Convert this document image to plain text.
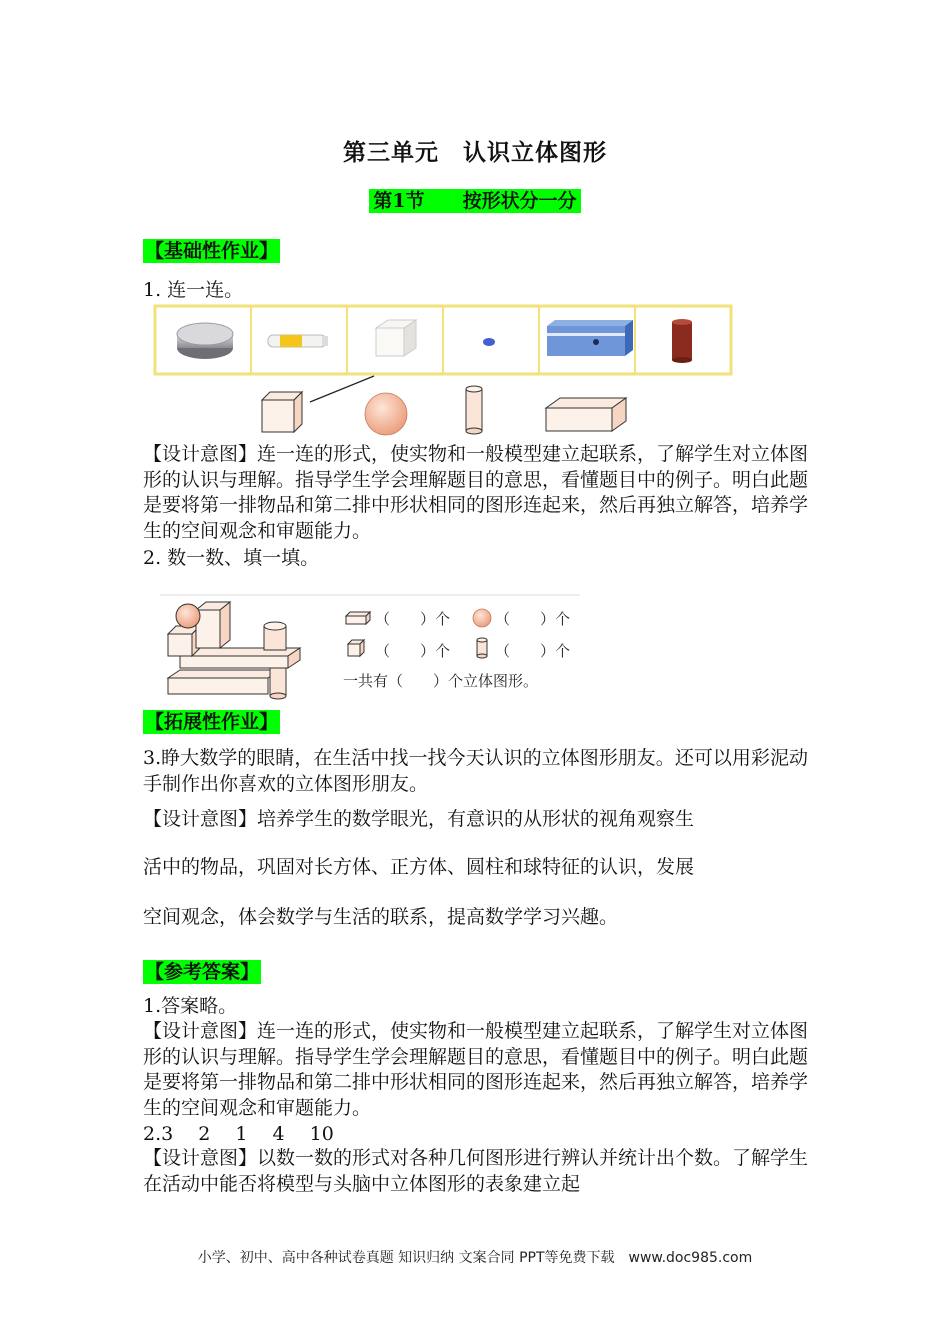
第三单元　认识立体图形
第1节　　按形状分一分
【基础性作业】
1. 连一连。
【设计意图】连一连的形式，使实物和一般模型建立起联系，了解学生对立体图形的认识与理解。指导学生学会理解题目的意思，看懂题目中的例子。明白此题是要将第一排物品和第二排中形状相同的图形连起来，然后再独立解答，培养学生的空间观念和审题能力。
2. 数一数、填一填。
（　　）个	（　　）个
（　　）个	（　　）个
一共有（　　）个立体图形。
【拓展性作业】
3.睁大数学的眼睛，在生活中找一找今天认识的立体图形朋友。还可以用彩泥动手制作出你喜欢的立体图形朋友。
【设计意图】培养学生的数学眼光，有意识的从形状的视角观察生
活中的物品，巩固对长方体、正方体、圆柱和球特征的认识，发展
空间观念，体会数学与生活的联系，提高数学学习兴趣。
【参考答案】
1.答案略。
【设计意图】连一连的形式，使实物和一般模型建立起联系，了解学生对立体图形的认识与理解。指导学生学会理解题目的意思，看懂题目中的例子。明白此题是要将第一排物品和第二排中形状相同的图形连起来，然后再独立解答，培养学生的空间观念和审题能力。
2.3　 2　 1　 4　 10
【设计意图】以数一数的形式对各种几何图形进行辨认并统计出个数。了解学生在活动中能否将模型与头脑中立体图形的表象建立起
小学、初中、高中各种试卷真题 知识归纳 文案合同 PPT等免费下载　www.doc985.com
